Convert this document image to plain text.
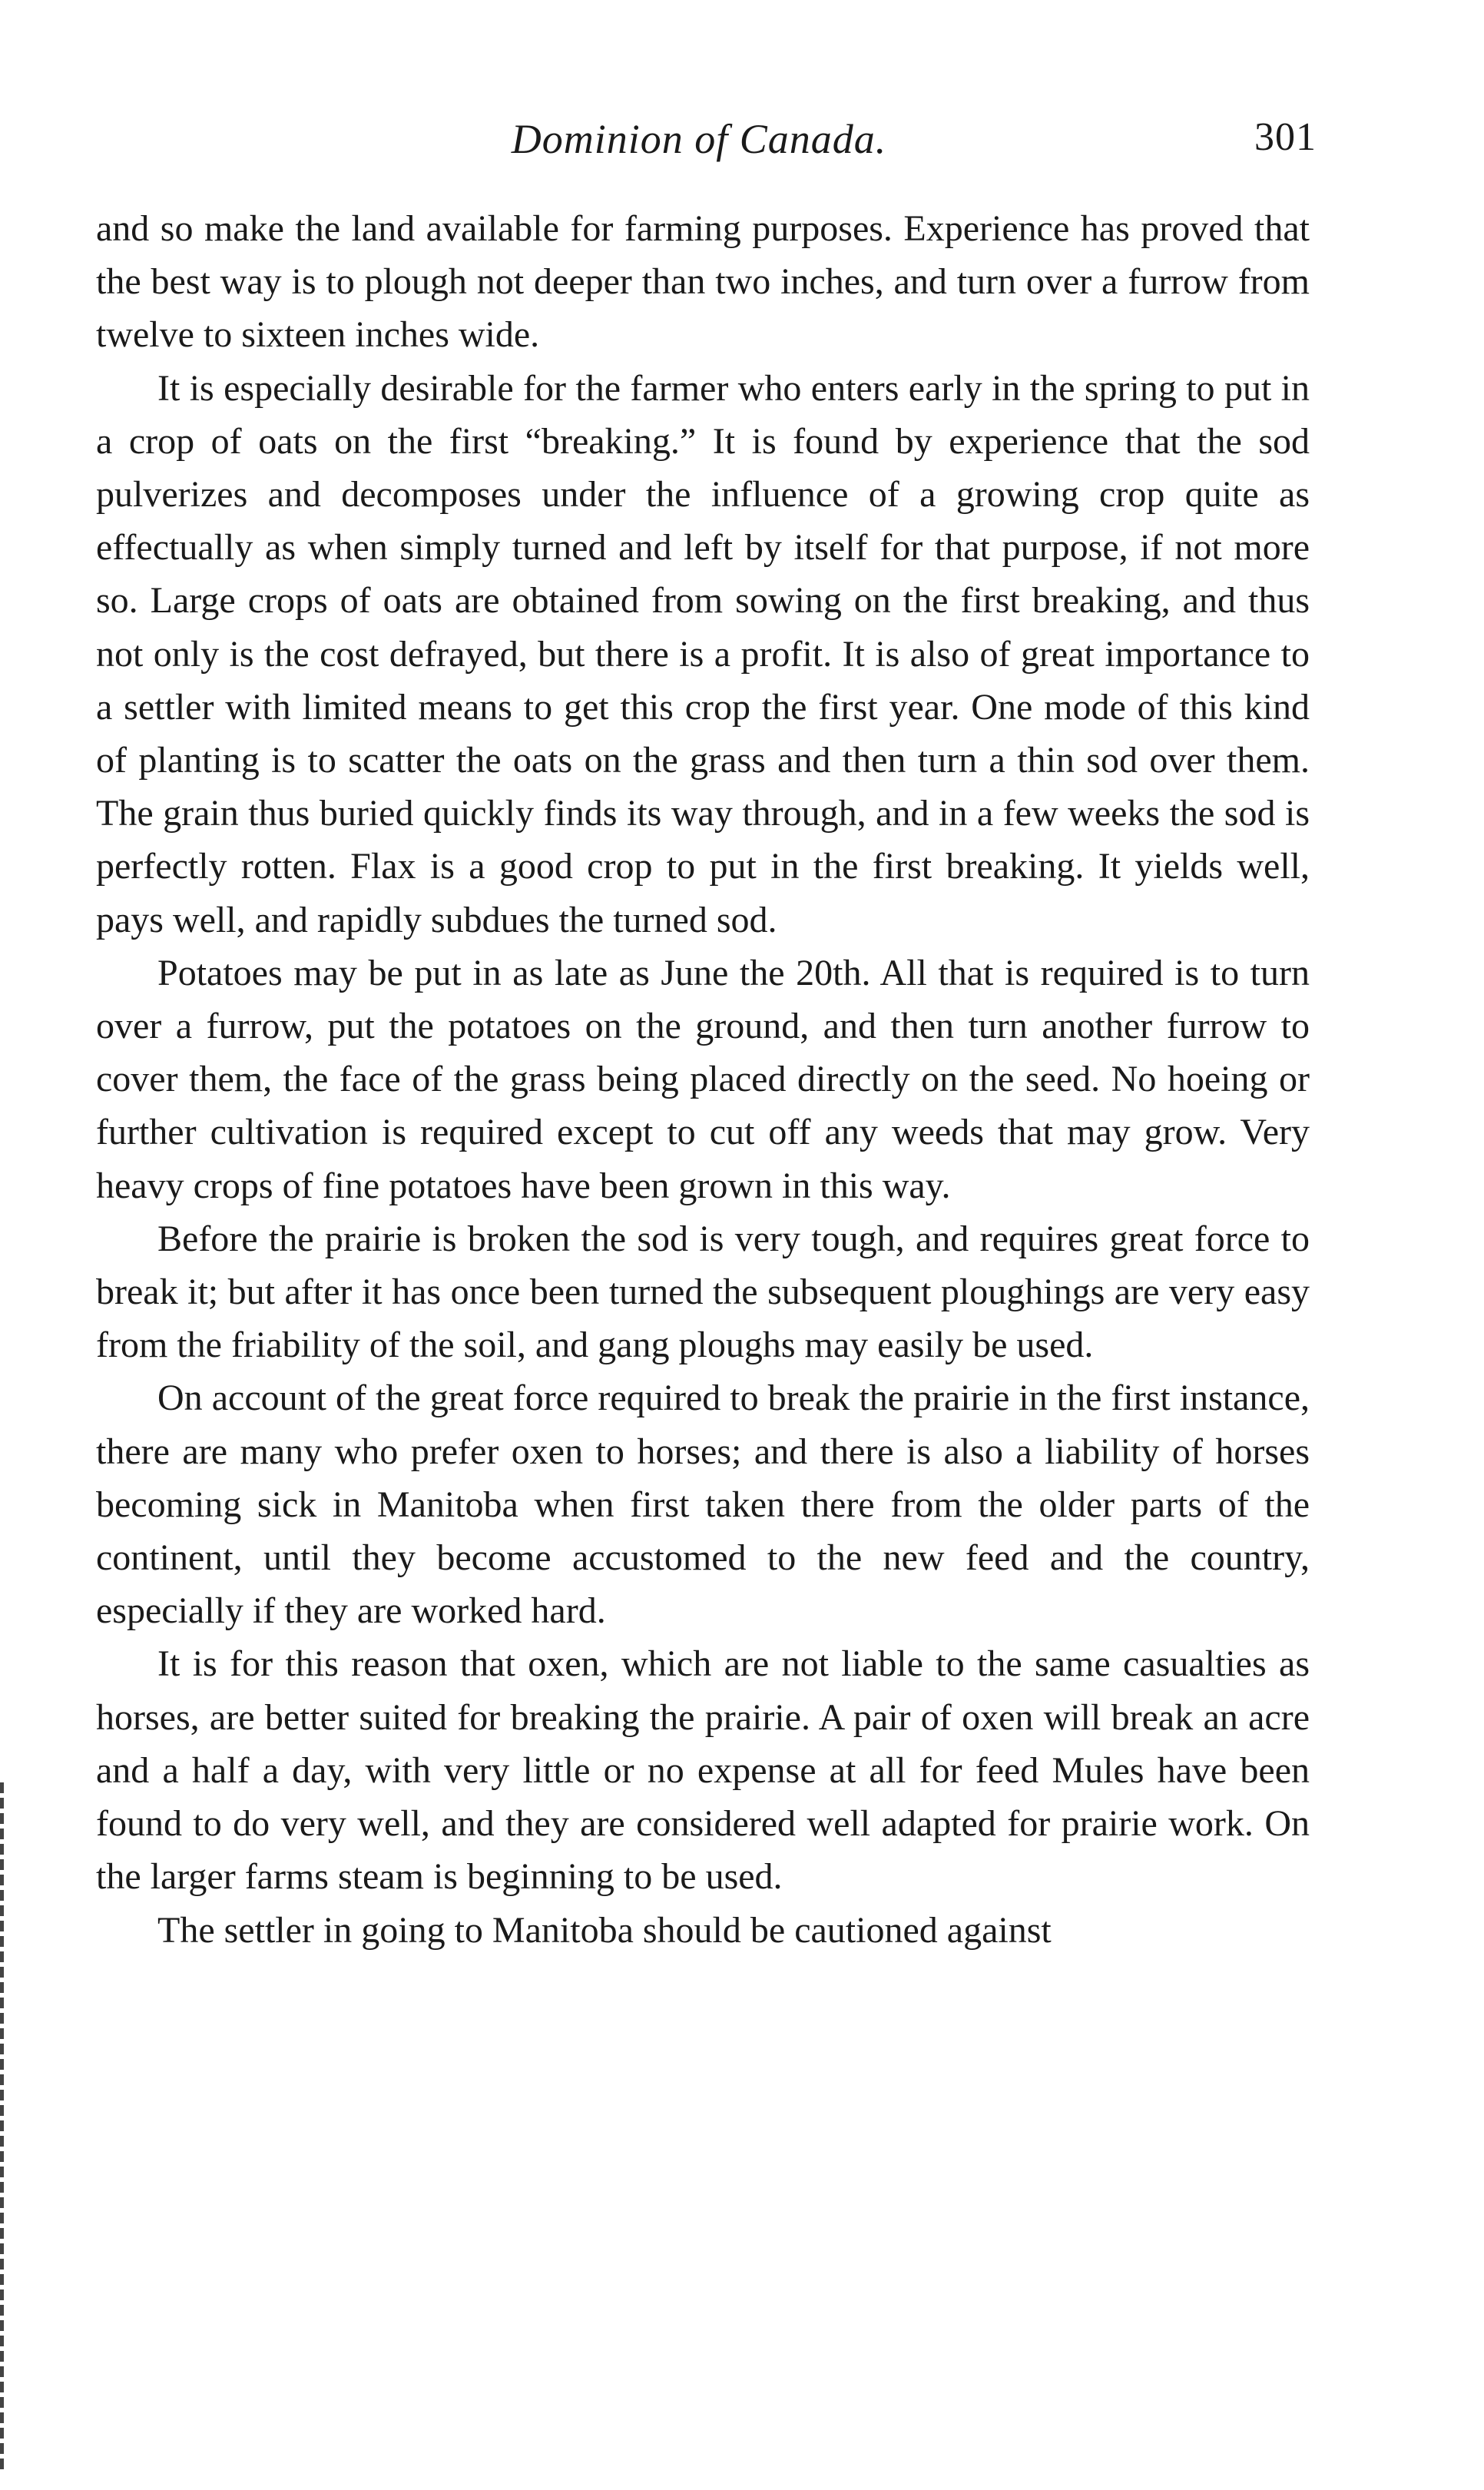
Dominion of Canada.	301

and so make the land available for farming purposes. Experience has proved that the best way is to plough not deeper than two inches, and turn over a furrow from twelve to sixteen inches wide.

It is especially desirable for the farmer who enters early in the spring to put in a crop of oats on the first “breaking.” It is found by experience that the sod pulverizes and decomposes under the influence of a growing crop quite as effectually as when simply turned and left by itself for that purpose, if not more so. Large crops of oats are obtained from sowing on the first breaking, and thus not only is the cost defrayed, but there is a profit. It is also of great importance to a settler with limited means to get this crop the first year. One mode of this kind of planting is to scatter the oats on the grass and then turn a thin sod over them. The grain thus buried quickly finds its way through, and in a few weeks the sod is perfectly rotten. Flax is a good crop to put in the first breaking. It yields well, pays well, and rapidly subdues the turned sod.

Potatoes may be put in as late as June the 20th. All that is required is to turn over a furrow, put the potatoes on the ground, and then turn another furrow to cover them, the face of the grass being placed directly on the seed. No hoeing or further cultivation is required except to cut off any weeds that may grow. Very heavy crops of fine potatoes have been grown in this way.

Before the prairie is broken the sod is very tough, and requires great force to break it; but after it has once been turned the subsequent ploughings are very easy from the friability of the soil, and gang ploughs may easily be used.

On account of the great force required to break the prairie in the first instance, there are many who prefer oxen to horses; and there is also a liability of horses becoming sick in Manitoba when first taken there from the older parts of the continent, until they become accustomed to the new feed and the country, especially if they are worked hard.

It is for this reason that oxen, which are not liable to the same casualties as horses, are better suited for breaking the prairie. A pair of oxen will break an acre and a half a day, with very little or no expense at all for feed Mules have been found to do very well, and they are considered well adapted for prairie work. On the larger farms steam is beginning to be used.

The settler in going to Manitoba should be cautioned against
